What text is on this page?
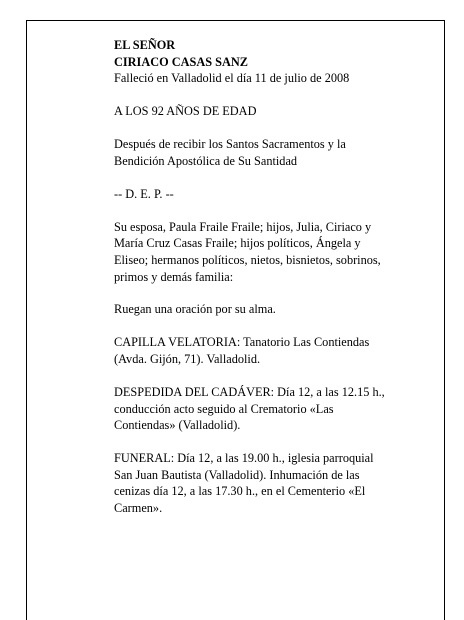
EL SEÑOR
CIRIACO CASAS SANZ
Falleció en Valladolid el día 11 de julio de 2008

A LOS 92 AÑOS DE EDAD

Después de recibir los Santos Sacramentos y la
Bendición Apostólica de Su Santidad

-- D. E. P. --

Su esposa, Paula Fraile Fraile; hijos, Julia, Ciriaco y
María Cruz Casas Fraile; hijos políticos, Ángela y
Eliseo; hermanos políticos, nietos, bisnietos, sobrinos,
primos y demás familia:

Ruegan una oración por su alma.

CAPILLA VELATORIA: Tanatorio Las Contiendas
(Avda. Gijón, 71). Valladolid.

DESPEDIDA DEL CADÁVER: Día 12, a las 12.15 h.,
conducción acto seguido al Crematorio «Las
Contiendas» (Valladolid).

FUNERAL: Día 12, a las 19.00 h., iglesia parroquial
San Juan Bautista (Valladolid). Inhumación de las
cenizas día 12, a las 17.30 h., en el Cementerio «El
Carmen».
